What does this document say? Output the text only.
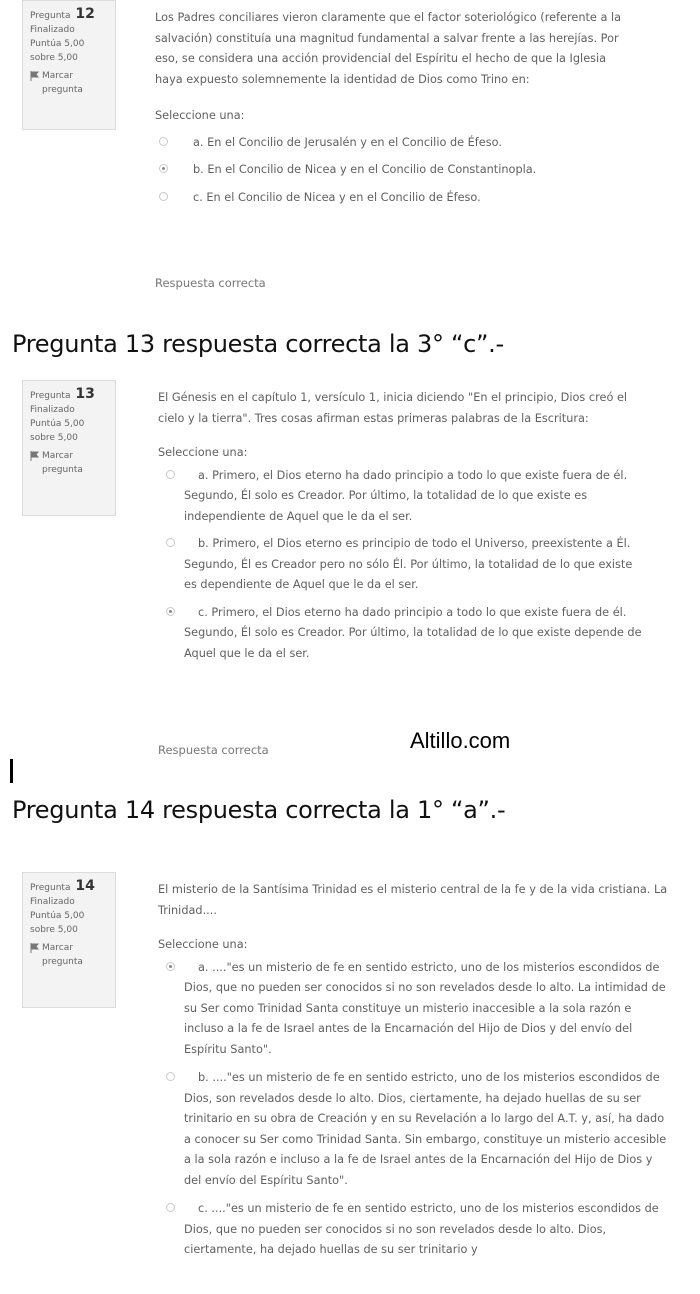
Pregunta 12
Finalizado
Puntúa 5,00
sobre 5,00
Marcar
pregunta

Los Padres conciliares vieron claramente que el factor soteriológico (referente a la salvación) constituía una magnitud fundamental a salvar frente a las herejías. Por eso, se considera una acción providencial del Espíritu el hecho de que la Iglesia haya expuesto solemnemente la identidad de Dios como Trino en:

Seleccione una:
a. En el Concilio de Jerusalén y en el Concilio de Éfeso.
b. En el Concilio de Nicea y en el Concilio de Constantinopla.
c. En el Concilio de Nicea y en el Concilio de Éfeso.
Respuesta correcta
Pregunta 13 respuesta correcta la 3° “c”.-
Pregunta 13
Finalizado
Puntúa 5,00
sobre 5,00
Marcar
pregunta

El Génesis en el capítulo 1, versículo 1, inicia diciendo "En el principio, Dios creó el cielo y la tierra". Tres cosas afirman estas primeras palabras de la Escritura:

Seleccione una:
a. Primero, el Dios eterno ha dado principio a todo lo que existe fuera de él. Segundo, Él solo es Creador. Por último, la totalidad de lo que existe es independiente de Aquel que le da el ser.
b. Primero, el Dios eterno es principio de todo el Universo, preexistente a Él. Segundo, Él es Creador pero no sólo Él. Por último, la totalidad de lo que existe es dependiente de Aquel que le da el ser.
c. Primero, el Dios eterno ha dado principio a todo lo que existe fuera de él. Segundo, Él solo es Creador. Por último, la totalidad de lo que existe depende de Aquel que le da el ser.
Respuesta correcta	Altillo.com
Pregunta 14 respuesta correcta la 1° “a”.-
Pregunta 14
Finalizado
Puntúa 5,00
sobre 5,00
Marcar
pregunta

El misterio de la Santísima Trinidad es el misterio central de la fe y de la vida cristiana. La Trinidad....

Seleccione una:
a. ...."es un misterio de fe en sentido estricto, uno de los misterios escondidos de Dios, que no pueden ser conocidos si no son revelados desde lo alto. La intimidad de su Ser como Trinidad Santa constituye un misterio inaccesible a la sola razón e incluso a la fe de Israel antes de la Encarnación del Hijo de Dios y del envío del Espíritu Santo".
b. ...."es un misterio de fe en sentido estricto, uno de los misterios escondidos de Dios, son revelados desde lo alto. Dios, ciertamente, ha dejado huellas de su ser trinitario en su obra de Creación y en su Revelación a lo largo del A.T. y, así, ha dado a conocer su Ser como Trinidad Santa. Sin embargo, constituye un misterio accesible a la sola razón e incluso a la fe de Israel antes de la Encarnación del Hijo de Dios y del envío del Espíritu Santo".
c. ...."es un misterio de fe en sentido estricto, uno de los misterios escondidos de Dios, que no pueden ser conocidos si no son revelados desde lo alto. Dios, ciertamente, ha dejado huellas de su ser trinitario y
